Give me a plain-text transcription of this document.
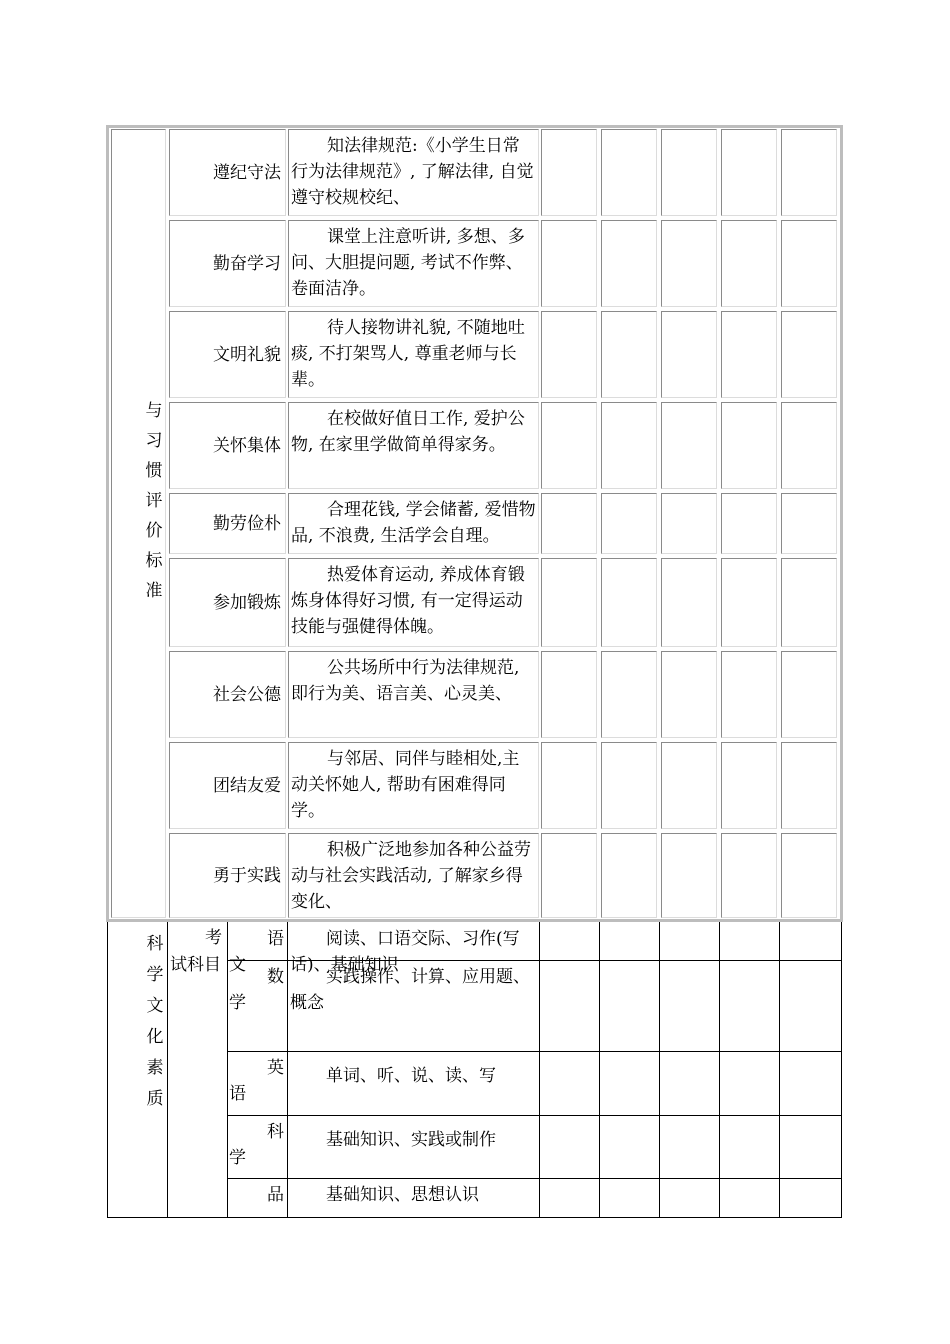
与
习
惯
评
价
标
准
遵纪守法
知法律规范:《小学生日常行为法律规范》, 了解法律, 自觉遵守校规校纪、
勤奋学习
课堂上注意听讲, 多想、多问、大胆提问题, 考试不作弊、卷面洁净。
文明礼貌
待人接物讲礼貌, 不随地吐痰, 不打架骂人, 尊重老师与长辈。
关怀集体
在校做好值日工作, 爱护公物, 在家里学做简单得家务。
勤劳俭朴
合理花钱, 学会储蓄, 爱惜物品, 不浪费, 生活学会自理。
参加锻炼
热爱体育运动, 养成体育锻炼身体得好习惯, 有一定得运动技能与强健得体魄。
社会公德
公共场所中行为法律规范, 即行为美、语言美、心灵美、
团结友爱
与邻居、同伴与睦相处,主动关怀她人, 帮助有困难得同学。
勇于实践
积极广泛地参加各种公益劳动与社会实践活动, 了解家乡得变化、
科
学
文
化
素
质
考
试科目
语
文
阅读、口语交际、习作(写话)、基础知识
数
学
实践操作、计算、应用题、概念
英
语
单词、听、说、读、写
科
学
基础知识、实践或制作
品	基础知识、思想认识
